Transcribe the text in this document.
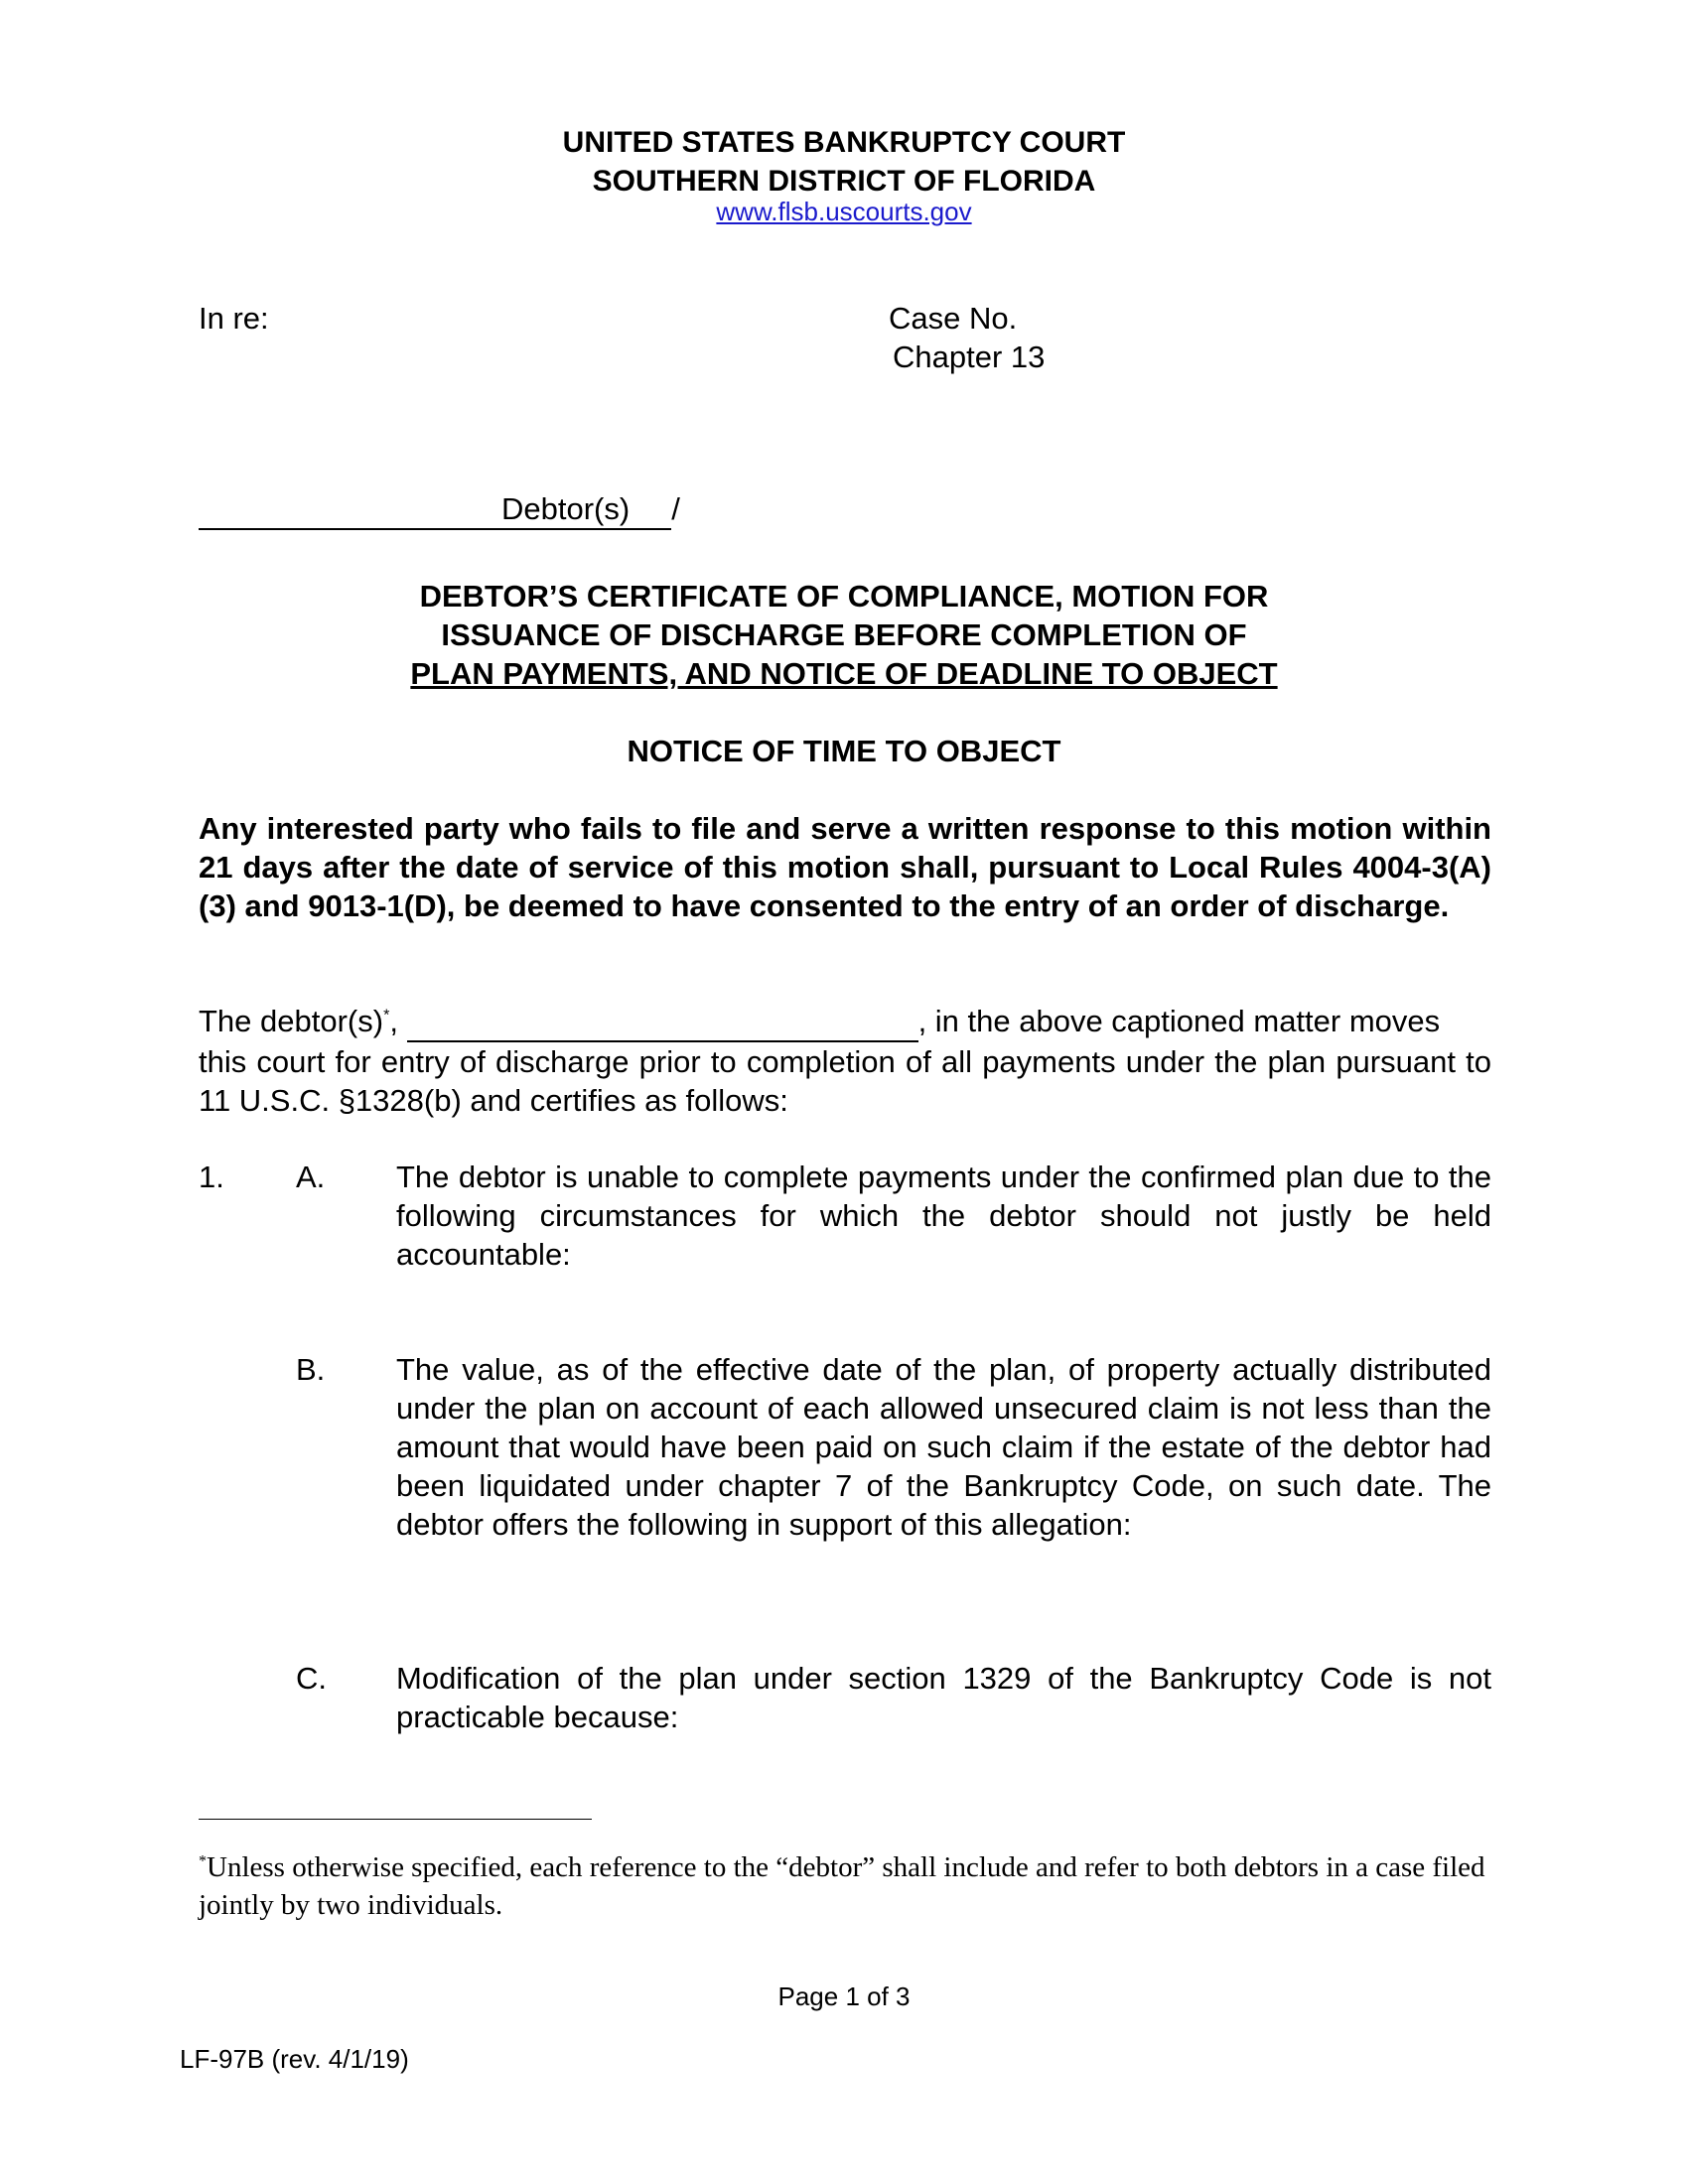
UNITED STATES BANKRUPTCY COURT
SOUTHERN DISTRICT OF FLORIDA
www.flsb.uscourts.gov
In re:	Case No.
Chapter 13
Debtor(s) /
DEBTOR’S CERTIFICATE OF COMPLIANCE, MOTION FOR
ISSUANCE OF DISCHARGE BEFORE COMPLETION OF
PLAN PAYMENTS, AND NOTICE OF DEADLINE TO OBJECT
NOTICE OF TIME TO OBJECT
Any interested party who fails to file and serve a written response to this motion within 21 days after the date of service of this motion shall, pursuant to Local Rules 4004-3(A)(3) and 9013-1(D), be deemed to have consented to the entry of an order of discharge.
The debtor(s)*,	, in the above captioned matter moves
this court for entry of discharge prior to completion of all payments under the plan pursuant to 11 U.S.C. §1328(b) and certifies as follows:
1. A. The debtor is unable to complete payments under the confirmed plan due to the following circumstances for which the debtor should not justly be held accountable:
B. The value, as of the effective date of the plan, of property actually distributed under the plan on account of each allowed unsecured claim is not less than the amount that would have been paid on such claim if the estate of the debtor had been liquidated under chapter 7 of the Bankruptcy Code, on such date. The debtor offers the following in support of this allegation:
C. Modification of the plan under section 1329 of the Bankruptcy Code is not practicable because:
*Unless otherwise specified, each reference to the “debtor” shall include and refer to both debtors in a case filed jointly by two individuals.
Page 1 of 3
LF-97B (rev. 4/1/19)
